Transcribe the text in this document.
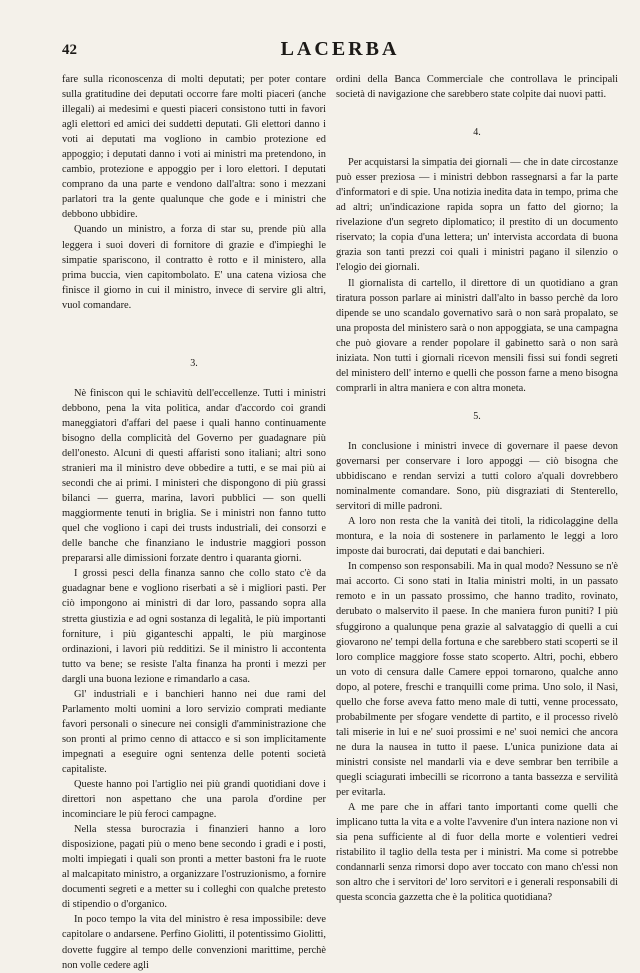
42	LACERBA

fare sulla riconoscenza di molti deputati; per poter contare sulla gratitudine dei deputati occorre fare molti piaceri (anche illegali) ai medesimi e questi piaceri consistono tutti in favori agli elettori ed amici dei suddetti deputati. Gli elettori danno i voti ai deputati ma vogliono in cambio protezione ed appoggio; i deputati danno i voti ai ministri ma pretendono, in cambio, protezione e appoggio per i loro elettori. I deputati comprano da una parte e vendono dall'altra: sono i mezzani parlatori tra la gente qualunque che gode e i ministri che debbono ubbidire.

Quando un ministro, a forza di star su, prende più alla leggera i suoi doveri di fornitore di grazie e d'impieghi le simpatie spariscono, il contratto è rotto e il ministero, alla prima buccia, vien capitombolato. E' una catena viziosa che finisce il giorno in cui il ministro, invece di servire gli altri, vuol comandare.

3.

Nè finiscon qui le schiavitù dell'eccellenze. Tutti i ministri debbono, pena la vita politica, andar d'accordo coi grandi maneggiatori d'affari del paese i quali hanno continuamente bisogno della complicità del Governo per guadagnare più dell'onesto. Alcuni di questi affaristi sono italiani; altri sono stranieri ma il ministro deve obbedire a tutti, e se mai più ai secondi che ai primi. I ministeri che dispongono di più grassi bilanci — guerra, marina, lavori pubblici — son quelli maggiormente tenuti in briglia. Se i ministri non fanno tutto quel che vogliono i capi dei trusts industriali, dei consorzi e delle banche che finanziano le industrie maggiori posson prepararsi alle dimissioni forzate dentro i quaranta giorni.

I grossi pesci della finanza sanno che collo stato c'è da guadagnar bene e vogliono riserbati a sè i migliori pasti. Per ciò impongono ai ministri di dar loro, passando sopra alla stretta giustizia e ad ogni sostanza di legalità, le più importanti forniture, i più giganteschi appalti, le più marginose ordinazioni, i lavori più redditizi. Se il ministro li accontenta tutto va bene; se resiste l'alta finanza ha pronti i mezzi per dargli una buona lezione e rimandarlo a casa.

Gl' industriali e i banchieri hanno nei due rami del Parlamento molti uomini a loro servizio comprati mediante favori personali o sinecure nei consigli d'amministrazione che son pronti al primo cenno di attacco e si son implicitamente impegnati a eseguire ogni sentenza delle potenti società capitaliste.

Queste hanno poi l'artiglio nei più grandi quotidiani dove i direttori non aspettano che una parola d'ordine per incominciare le più feroci campagne.

Nella stessa burocrazia i finanzieri hanno a loro disposizione, pagati più o meno bene secondo i gradi e i posti, molti impiegati i quali son pronti a metter bastoni fra le ruote al malcapitato ministro, a organizzare l'ostruzionismo, a fornire documenti segreti e a metter su i colleghi con qualche pretesto di stipendio o d'organico.

In poco tempo la vita del ministro è resa impossibile: deve capitolare o andarsene. Perfino Giolitti, il potentissimo Giolitti, dovette fuggire al tempo delle convenzioni marittime, perchè non volle cedere agli

ordini della Banca Commerciale che controllava le principali società di navigazione che sarebbero state colpite dai nuovi patti.

4.

Per acquistarsi la simpatia dei giornali — che in date circostanze può esser preziosa — i ministri debbon rassegnarsi a far la parte d'informatori e di spie. Una notizia inedita data in tempo, prima che ad altri; un'indicazione rapida sopra un fatto del giorno; la rivelazione d'un segreto diplomatico; il prestito di un documento riservato; la copia d'una lettera; un' intervista accordata di buona grazia son tanti prezzi coi quali i ministri pagano il silenzio o l'elogio dei giornali.

Il giornalista di cartello, il direttore di un quotidiano a gran tiratura posson parlare ai ministri dall'alto in basso perchè da loro dipende se uno scandalo governativo sarà o non sarà propalato, se una proposta del ministero sarà o non appoggiata, se una campagna che può giovare a render popolare il gabinetto sarà o non sarà iniziata. Non tutti i giornali ricevon mensili fissi sui fondi segreti del ministero dell' interno e quelli che posson farne a meno bisogna comprarli in altra maniera e con altra moneta.

5.

In conclusione i ministri invece di governare il paese devon governarsi per conservare i loro appoggi — ciò bisogna che ubbidiscano e rendan servizi a tutti coloro a'quali dovrebbero nominalmente comandare. Sono, più disgraziati di Stenterello, servitori di mille padroni.

A loro non resta che la vanità dei titoli, la ridicolaggine della montura, e la noia di sostenere in parlamento le leggi a loro imposte dai burocrati, dai deputati e dai banchieri.

In compenso son responsabili. Ma in qual modo? Nessuno se n'è mai accorto. Ci sono stati in Italia ministri molti, in un passato remoto e in un passato prossimo, che hanno tradito, rovinato, derubato o malservito il paese. In che maniera furon puniti? I più sfuggirono a qualunque pena grazie al salvataggio di quelli a cui giovarono ne' tempi della fortuna e che sarebbero stati scoperti se il loro complice maggiore fosse stato scoperto. Altri, pochi, ebbero un voto di censura dalle Camere eppoi tornarono, qualche anno dopo, al potere, freschi e tranquilli come prima. Uno solo, il Nasi, quello che forse aveva fatto meno male di tutti, venne processato, probabilmente per sfogare vendette di partito, e il processo rivelò tali miserie in lui e ne' suoi prossimi e ne' suoi nemici che ancora ne dura la nausea in tutto il paese. L'unica punizione data ai ministri consiste nel mandarli via e deve sembrar ben terribile a quegli sciagurati imbecilli se ricorrono a tanta bassezza e servilità per evitarla.

A me pare che in affari tanto importanti come quelli che implicano tutta la vita e a volte l'avvenire d'un intera nazione non vi sia pena sufficiente al di fuor della morte e volentieri vedrei ristabilito il taglio della testa per i ministri. Ma come si potrebbe condannarli senza rimorsi dopo aver toccato con mano ch'essi non son altro che i servitori de' loro servitori e i generali responsabili di questa sconcia gazzetta che è la politica quotidiana?
